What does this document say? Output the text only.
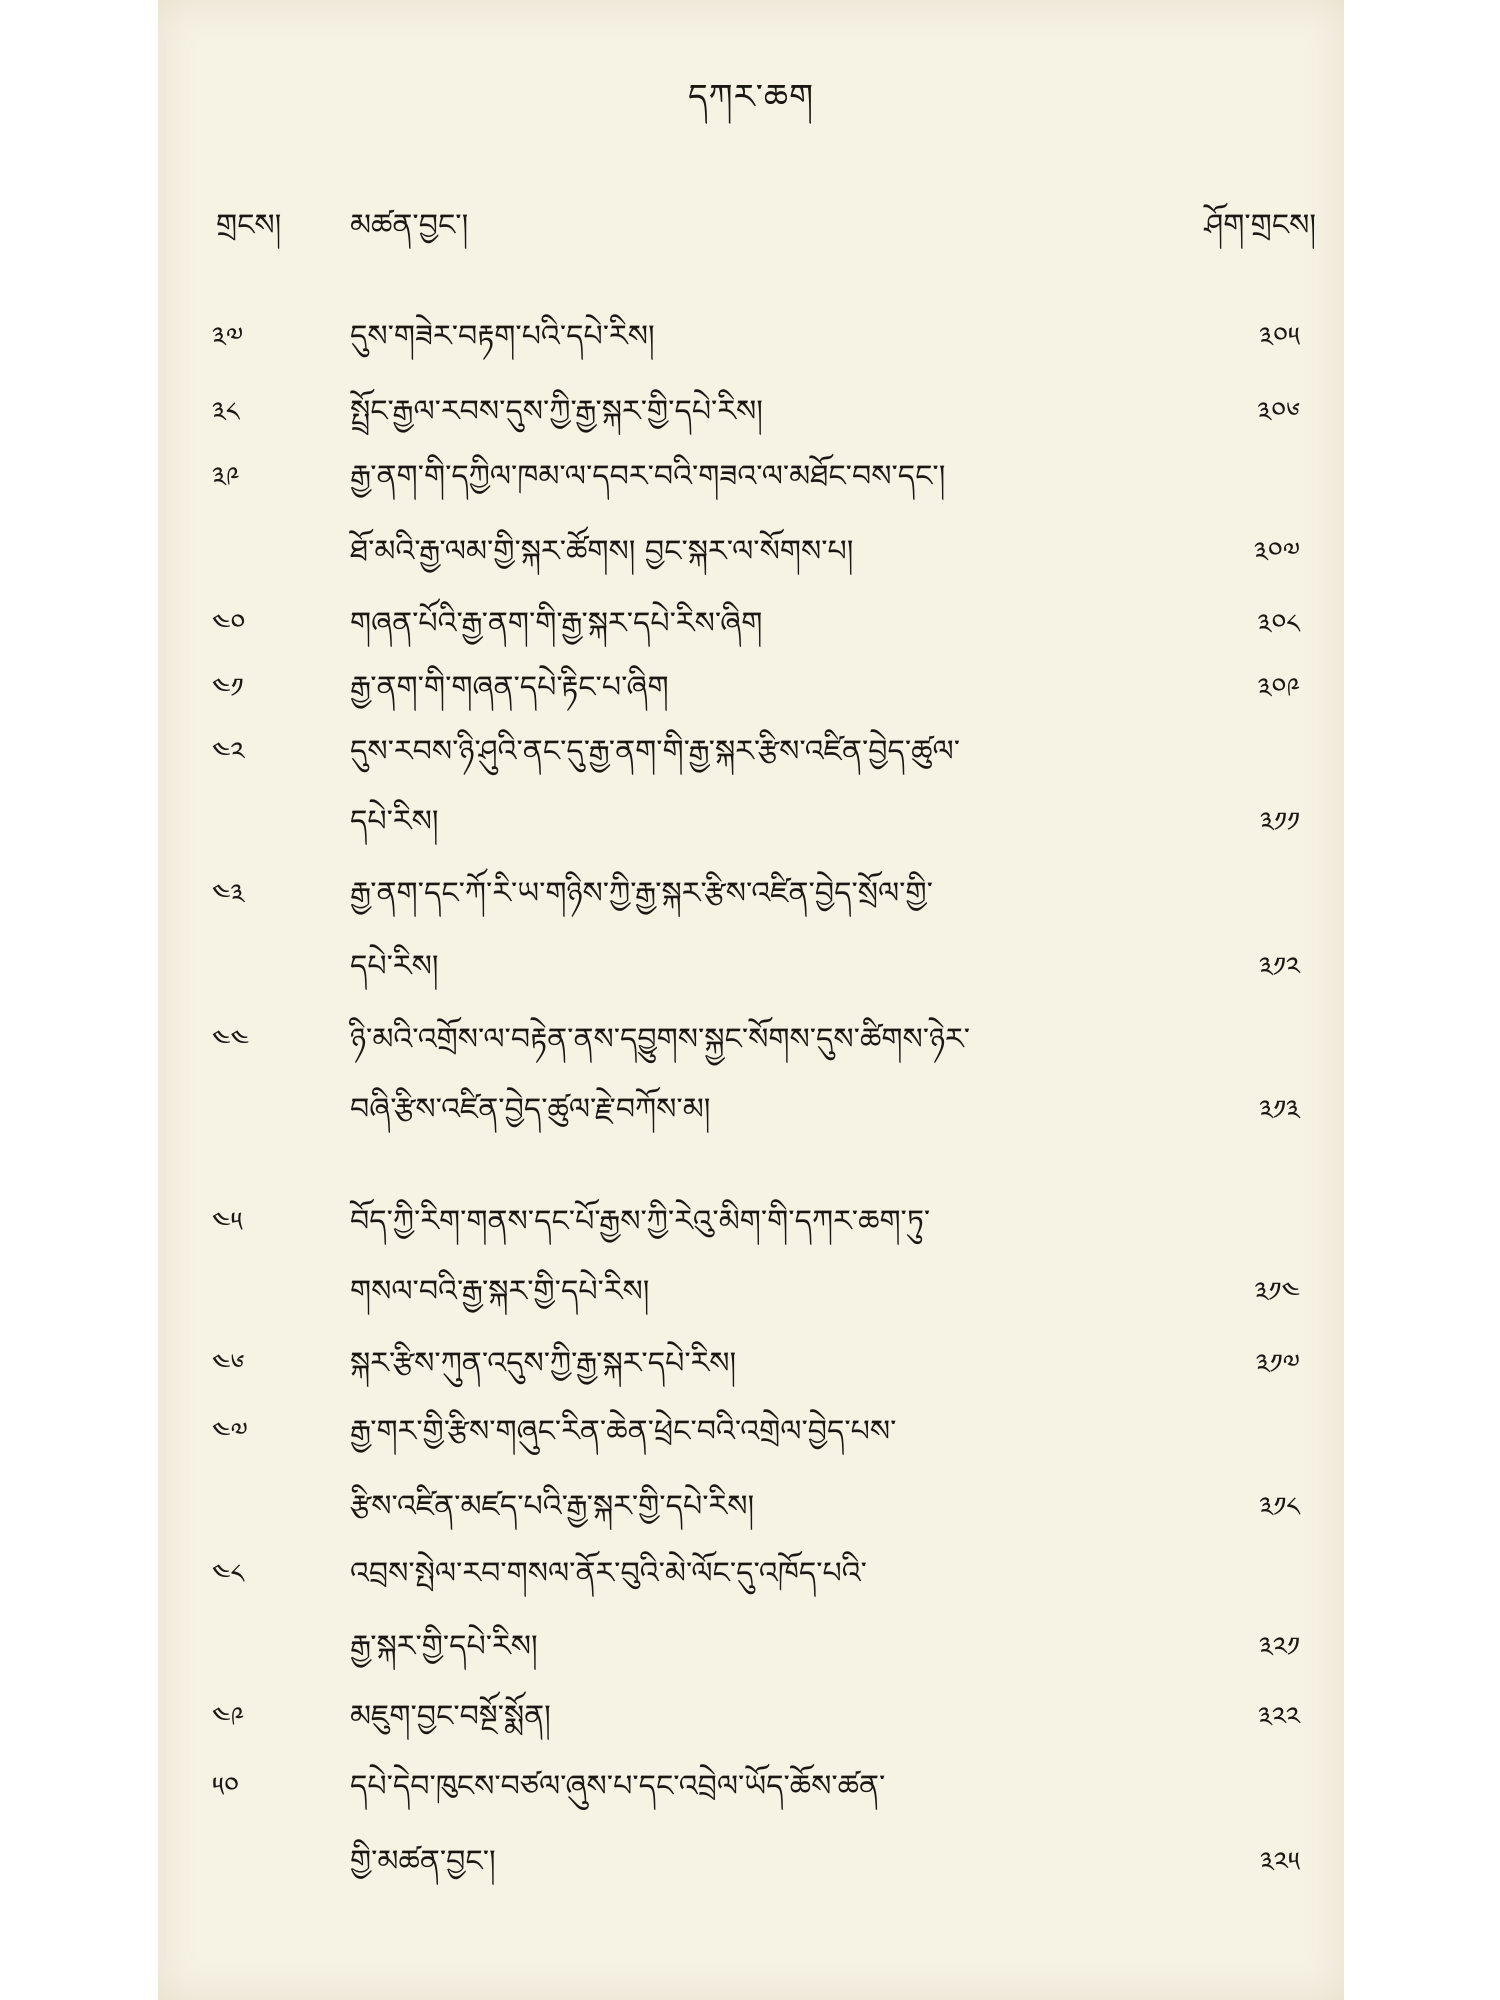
དཀར་ཆག
གྲངས། མཚན་བྱང་།	ཤོག་གྲངས།
༣༧	དུས་གཟེར་བརྟག་པའི་དཔེ་རིས།	༣༠༥
༣༨	སྤྲོང་རྒྱལ་རབས་དུས་ཀྱི་རྒྱ་སྐར་གྱི་དཔེ་རིས།	༣༠༦
༣༩	རྒྱ་ནག་གི་དཀྱིལ་ཁམ་ལ་དབར་བའི་གཟའ་ལ་མཐོང་བས་དང་།
ཐོ་མའི་རྒྱ་ལམ་གྱི་སྐར་ཚོགས། བྱང་སྐར་ལ་སོགས་པ།	༣༠༧
༤༠	གཞན་པོའི་རྒྱ་ནག་གི་རྒྱ་སྐར་དཔེ་རིས་ཞིག	༣༠༨
༤༡	རྒྱ་ནག་གི་གཞན་དཔེ་རྟིང་པ་ཞིག	༣༠༩
༤༢	དུས་རབས་ཉི་ཤུའི་ནང་དུ་རྒྱ་ནག་གི་རྒྱ་སྐར་རྩིས་འཛིན་བྱེད་ཚུལ་
དཔེ་རིས།	༣༡༡
༤༣	རྒྱ་ནག་དང་ཀོ་རི་ཡ་གཉིས་ཀྱི་རྒྱ་སྐར་རྩིས་འཛིན་བྱེད་སྲོལ་གྱི་
དཔེ་རིས།	༣༡༢
༤༤	ཉི་མའི་འགྲོས་ལ་བརྟེན་ནས་དབྱུགས་སྐྱང་སོགས་དུས་ཚིགས་ཉེར་
བཞི་རྩིས་འཛིན་བྱེད་ཚུལ་རྗེ་བཀོས་མ།	༣༡༣
༤༥	བོད་ཀྱི་རིག་གནས་དང་པོ་རྒྱས་ཀྱི་རེའུ་མིག་གི་དཀར་ཆག་ཏུ་
གསལ་བའི་རྒྱ་སྐར་གྱི་དཔེ་རིས།	༣༡༤
༤༦	སྐར་རྩིས་ཀུན་འདུས་ཀྱི་རྒྱ་སྐར་དཔེ་རིས།	༣༡༧
༤༧	རྒྱ་གར་གྱི་རྩིས་གཞུང་རིན་ཆེན་ཕྲེང་བའི་འགྲེལ་བྱེད་པས་
རྩིས་འཛིན་མཛད་པའི་རྒྱ་སྐར་གྱི་དཔེ་རིས།	༣༡༨
༤༨	འབྲས་སྤེལ་རབ་གསལ་ནོར་བུའི་མེ་ལོང་དུ་འཁོད་པའི་
རྒྱ་སྐར་གྱི་དཔེ་རིས།	༣༢༡
༤༩	མཇུག་བྱང་བསྔོ་སྨོན།	༣༢༢
༥༠	དཔེ་དེབ་ཁུངས་བཙལ་ཞུས་པ་དང་འབྲེལ་ཡོད་ཆོས་ཚན་
གྱི་མཚན་བྱང་།	༣༢༥
